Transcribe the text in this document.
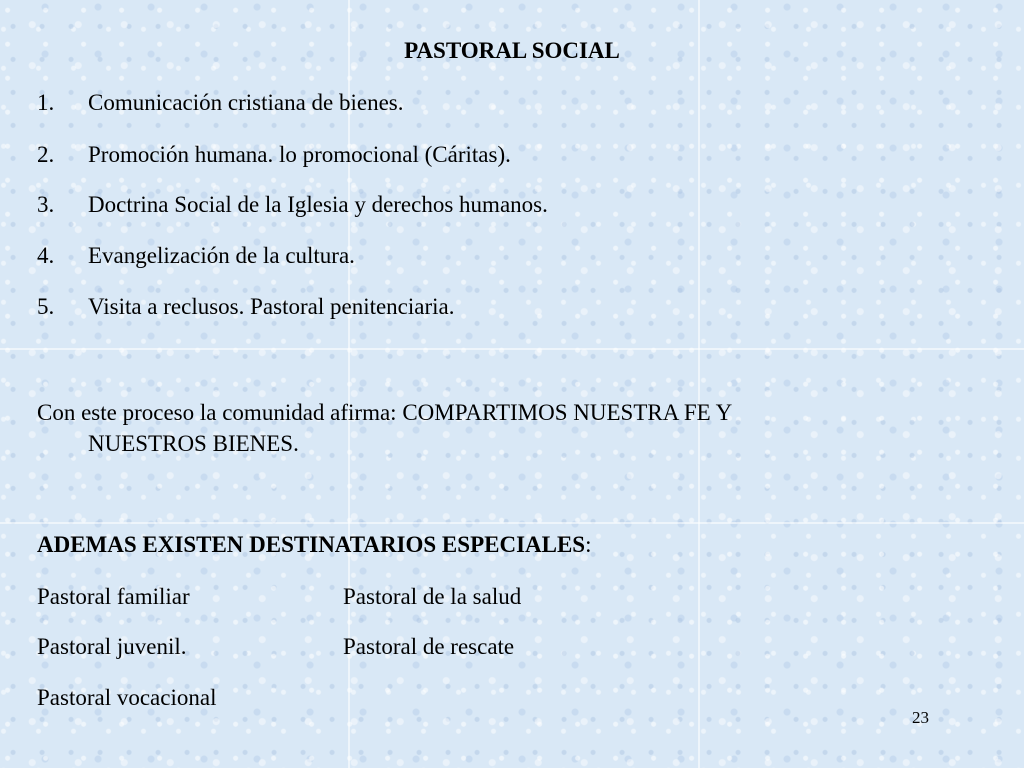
PASTORAL SOCIAL
1. Comunicación cristiana de bienes.
2. Promoción humana. lo promocional (Cáritas).
3. Doctrina Social de la Iglesia y derechos humanos.
4. Evangelización de la cultura.
5. Visita a reclusos. Pastoral penitenciaria.
Con este proceso la comunidad afirma: COMPARTIMOS NUESTRA FE Y
NUESTROS BIENES.
ADEMAS EXISTEN DESTINATARIOS ESPECIALES:
Pastoral familiar	Pastoral de la salud
Pastoral juvenil.	Pastoral de rescate
Pastoral vocacional
23
